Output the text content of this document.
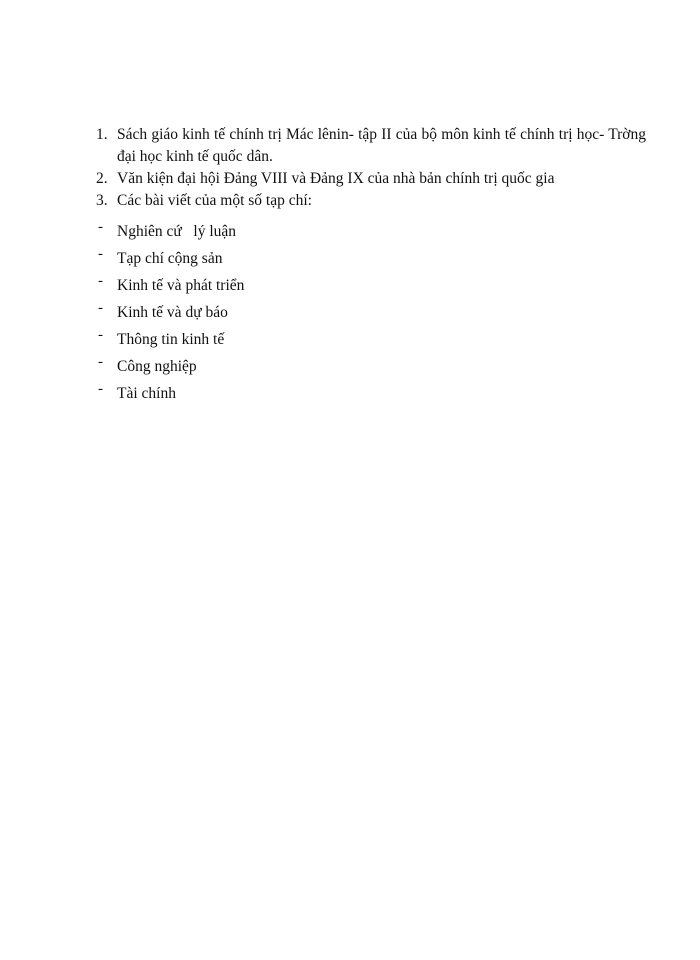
1. Sách giáo kinh tế chính trị Mác lênin- tập II của bộ môn kinh tế chính trị học- Trờng    đại học kinh tế quốc dân.
2. Văn kiện đại hội Đảng VIII và Đảng IX của nhà bản chính trị quốc gia
3. Các bài viết của một số tạp chí:
- Nghiên cứ   lý luận
- Tạp chí cộng sản
- Kinh tế và phát triển
- Kinh tế và dự báo
- Thông tin kinh tế
- Công nghiệp
- Tài chính
